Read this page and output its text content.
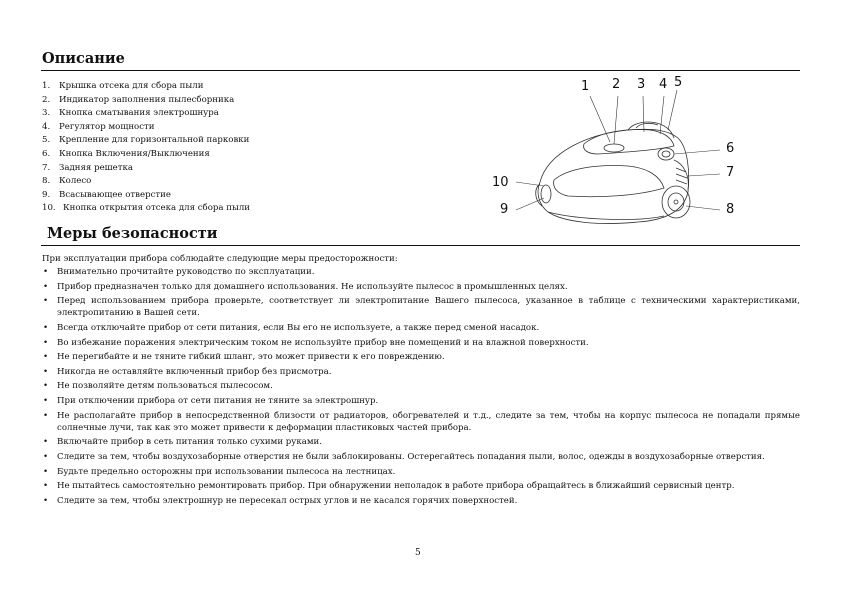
Описание
1. Крышка отсека для сбора пыли
2. Индикатор заполнения пылесборника
3. Кнопка сматывания электрошнура
4. Регулятор мощности
5. Крепление для горизонтальной парковки
6. Кнопка Включения/Выключения
7. Задняя решетка
8. Колесо
9. Всасывающее отверстие
10. Кнопка открытия отсека для сбора пыли
1 2 3 4 5
6
7
8
9
10
Меры безопасности
При эксплуатации прибора соблюдайте следующие меры предосторожности:
• Внимательно прочитайте руководство по эксплуатации.
• Прибор предназначен только для домашнего использования. Не используйте пылесос в промышленных целях.
• Перед использованием прибора проверьте, соответствует ли электропитание Вашего пылесоса, указанное в таблице с техническими характеристиками, электропитанию в Вашей сети.
• Всегда отключайте прибор от сети питания, если Вы его не используете, а также перед сменой насадок.
• Во избежание поражения электрическим током не используйте прибор вне помещений и на влажной поверхности.
• Не перегибайте и не тяните гибкий шланг, это может привести к его повреждению.
• Никогда не оставляйте включенный прибор без присмотра.
• Не позволяйте детям пользоваться пылесосом.
• При отключении прибора от сети питания не тяните за электрошнур.
• Не располагайте прибор в непосредственной близости от радиаторов, обогревателей и т.д., следите за тем, чтобы на корпус пылесоса не попадали прямые солнечные лучи, так как это может привести к деформации пластиковых частей прибора.
• Включайте прибор в сеть питания только сухими руками.
• Следите за тем, чтобы воздухозаборные отверстия не были заблокированы. Остерегайтесь попадания пыли, волос, одежды в воздухозаборные отверстия.
• Будьте предельно осторожны при использовании пылесоса на лестницах.
• Не пытайтесь самостоятельно ремонтировать прибор. При обнаружении неполадок в работе прибора обращайтесь в ближайший сервисный центр.
• Следите за тем, чтобы электрошнур не пересекал острых углов и не касался горячих поверхностей.
5
